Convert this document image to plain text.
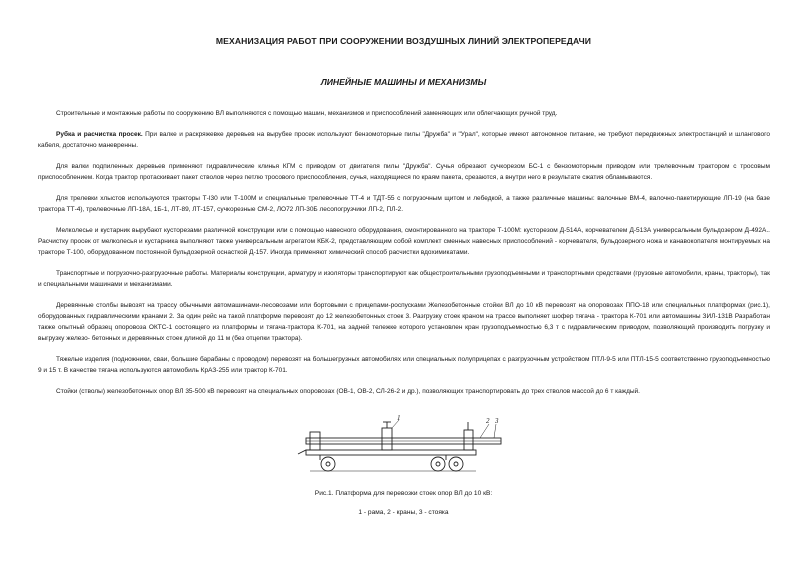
МЕХАНИЗАЦИЯ РАБОТ ПРИ СООРУЖЕНИИ ВОЗДУШНЫХ ЛИНИЙ ЭЛЕКТРОПЕРЕДАЧИ
ЛИНЕЙНЫЕ МАШИНЫ И МЕХАНИЗМЫ

Строительные и монтажные работы по сооружению ВЛ выполняются с помощью машин, механизмов и приспособлений заменяющих или облегчающих ручной труд.

Рубка и расчистка просек. При валке и раскряжевке деревьев на вырубке просек используют бензомоторные пилы "Дружба" и "Урал", которые имеют автономное питание, не требуют передвижных электростанций и шлангового кабеля, достаточно маневренны.

Для валки подпиленных деревьев применяют гидравлические клинья КГМ с приводом от двигателя пилы "Дружба". Сучья обрезают сучкорезом БС-1 с бензомоторным приводом или трелевочным трактором с тросовым приспособлением. Когда трактор протаскивает пакет стволов через петлю тросового приспособления, сучья, находящиеся по краям пакета, срезаются, а внутри него в результате сжатия обламываются.

Для трелевки хлыстов используются тракторы Т-I30 или Т-100М и специальные трелевочные ТТ-4 и ТДТ-55 с погрузочным щитом и лебедкой, а также различные машины: валочные ВМ-4, валочно-пакетирующие ЛП-19 (на базе трактора ТТ-4), трелевочные ЛП-18А, 1Б-1, ЛТ-89, ЛТ-157, сучкорезные СМ-2, ЛО72 ЛП-30Б лесопогрузчики ЛП-2, ПЛ-2.

Мелколесье и кустарник вырубают кусторезами различной конструкции или с помощью навесного оборудования, смонтированного на тракторе Т-100М: кусторезом Д-514А, корчевателем Д-513А универсальным бульдозером Д-492А.. Расчистку просек от мелколесья и кустарника выполняют также универсальным агрегатом КБК-2, представляющим собой комплект сменных навесных приспособлений - корчевателя, бульдозерного ножа и канавокопателя монтируемых на тракторе Т-100, оборудованном постоянной бульдозерной оснасткой Д-157. Иногда применяют химический способ расчистки вдохимикатами.

Транспортные и погрузочно-разгрузочные работы. Материалы конструкции, арматуру и изоляторы транспортируют как общестроительными грузоподъемными и транспортными средствами (грузовые автомобили, краны, тракторы), так и специальными машинами и механизмами.

Деревянные столбы вывозят на трассу обычными автомашинами-лесовозами или бортовыми с прицепами-роспусками Железобетонные стойки ВЛ до 10 кВ перевозят на опоровозах ППО-18 или специальных платформах (рис.1), оборудованных гидравлическими кранами 2. За один рейс на такой платформе перевозят до 12 железобетонных стоек 3. Разгрузку стоек краном на трассе выполняет шофер тягача - трактора К-701 или автомашины ЗИЛ-131В Разработан также опытный образец опоровоза ОКТС-1 состоящего из платформы и тягача-трактора К-701, на задней тележке которого установлен кран грузоподъемностью 6,3 т с гидравлическим приводом, позволяющий производить погрузку и выгрузку железо- бетонных и деревянных стоек длиной до 11 м (без отцепки трактора).

Тяжелые изделия (подножники, сваи, большие барабаны с проводом) перевозят на большегрузных автомобилях или специальных полуприцепах с разгрузочным устройством ПТЛ-9-5 или ПТЛ-15-5 соответственно грузоподъемностью 9 и 15 т. В качестве тягача используются автомобиль КрАЗ-255 или трактор К-701.

Стойки (стволы) железобетонных опор ВЛ 35-500 кВ перевозят на специальных опоровозах (ОВ-1, ОВ-2, СЛ-26-2 и др.), позволяющих транспортировать до трех стволов массой до 6 т каждый.

1	2 3
Рис.1. Платформа для перевозки стоек опор ВЛ до 10 кВ:
1 - рама, 2 - краны, 3 - стояка
